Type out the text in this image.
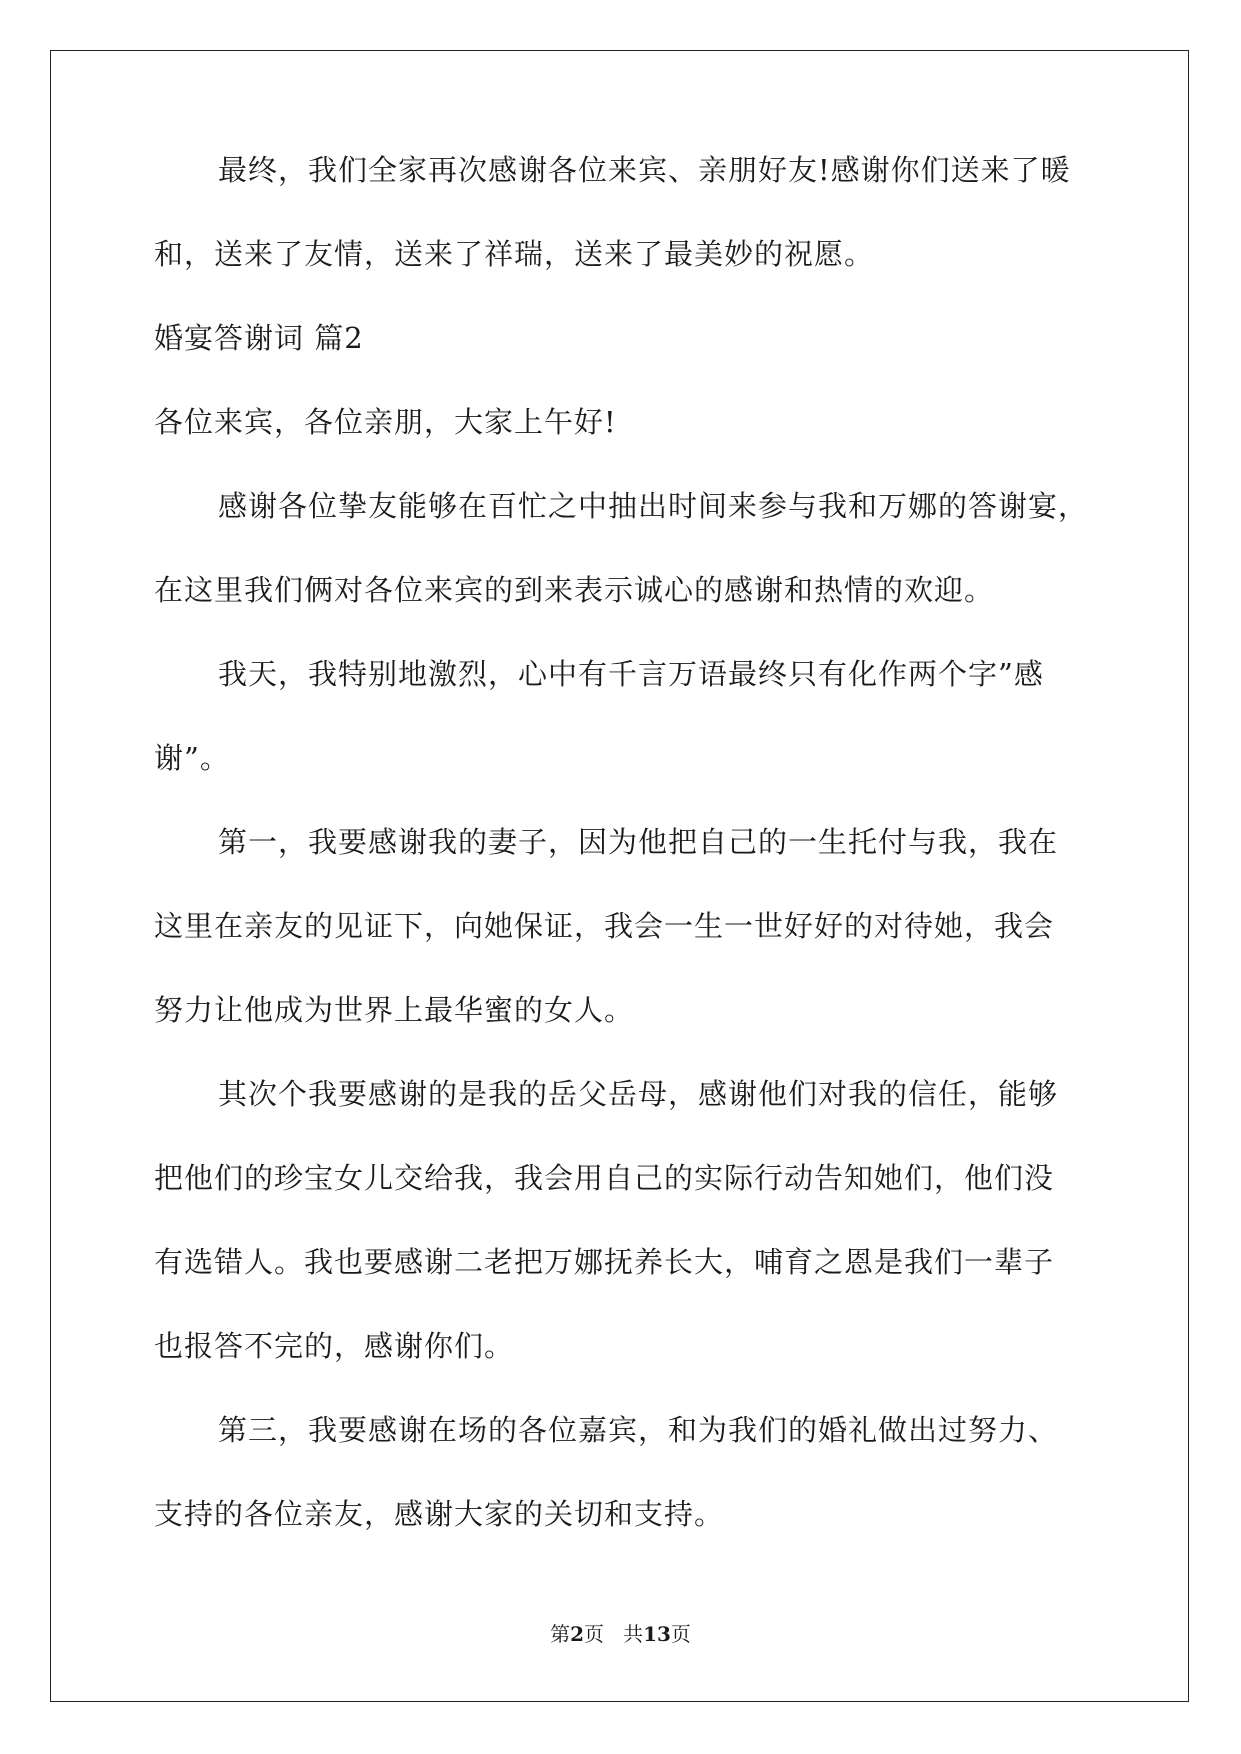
最终，我们全家再次感谢各位来宾、亲朋好友!感谢你们送来了暖
和，送来了友情，送来了祥瑞，送来了最美妙的祝愿。
婚宴答谢词 篇2
各位来宾，各位亲朋，大家上午好!
感谢各位挚友能够在百忙之中抽出时间来参与我和万娜的答谢宴，
在这里我们俩对各位来宾的到来表示诚心的感谢和热情的欢迎。
我天，我特别地激烈，心中有千言万语最终只有化作两个字”感
谢”。
第一，我要感谢我的妻子，因为他把自己的一生托付与我，我在
这里在亲友的见证下，向她保证，我会一生一世好好的对待她，我会
努力让他成为世界上最华蜜的女人。
其次个我要感谢的是我的岳父岳母，感谢他们对我的信任，能够
把他们的珍宝女儿交给我，我会用自己的实际行动告知她们，他们没
有选错人。我也要感谢二老把万娜抚养长大，哺育之恩是我们一辈子
也报答不完的，感谢你们。
第三，我要感谢在场的各位嘉宾，和为我们的婚礼做出过努力、
支持的各位亲友，感谢大家的关切和支持。
第2页 共13页
